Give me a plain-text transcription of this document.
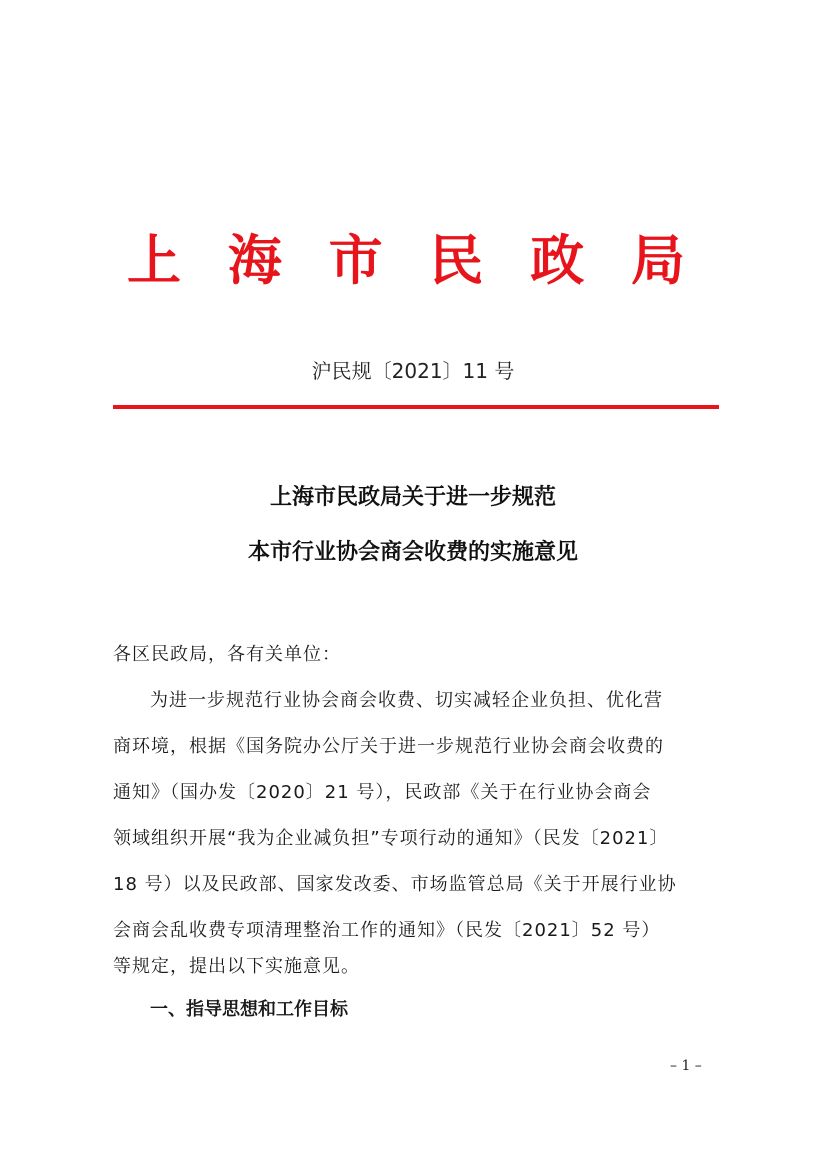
上 海 市 民 政 局
沪民规〔2021〕11 号
上海市民政局关于进一步规范
本市行业协会商会收费的实施意见
各区民政局，各有关单位：
为进一步规范行业协会商会收费、切实减轻企业负担、优化营
商环境，根据《国务院办公厅关于进一步规范行业协会商会收费的
通知》（国办发〔2020〕21 号），民政部《关于在行业协会商会
领域组织开展“我为企业减负担”专项行动的通知》（民发〔2021〕
18 号）以及民政部、国家发改委、市场监管总局《关于开展行业协
会商会乱收费专项清理整治工作的通知》（民发〔2021〕52 号）
等规定，提出以下实施意见。
一、指导思想和工作目标
– 1 –
